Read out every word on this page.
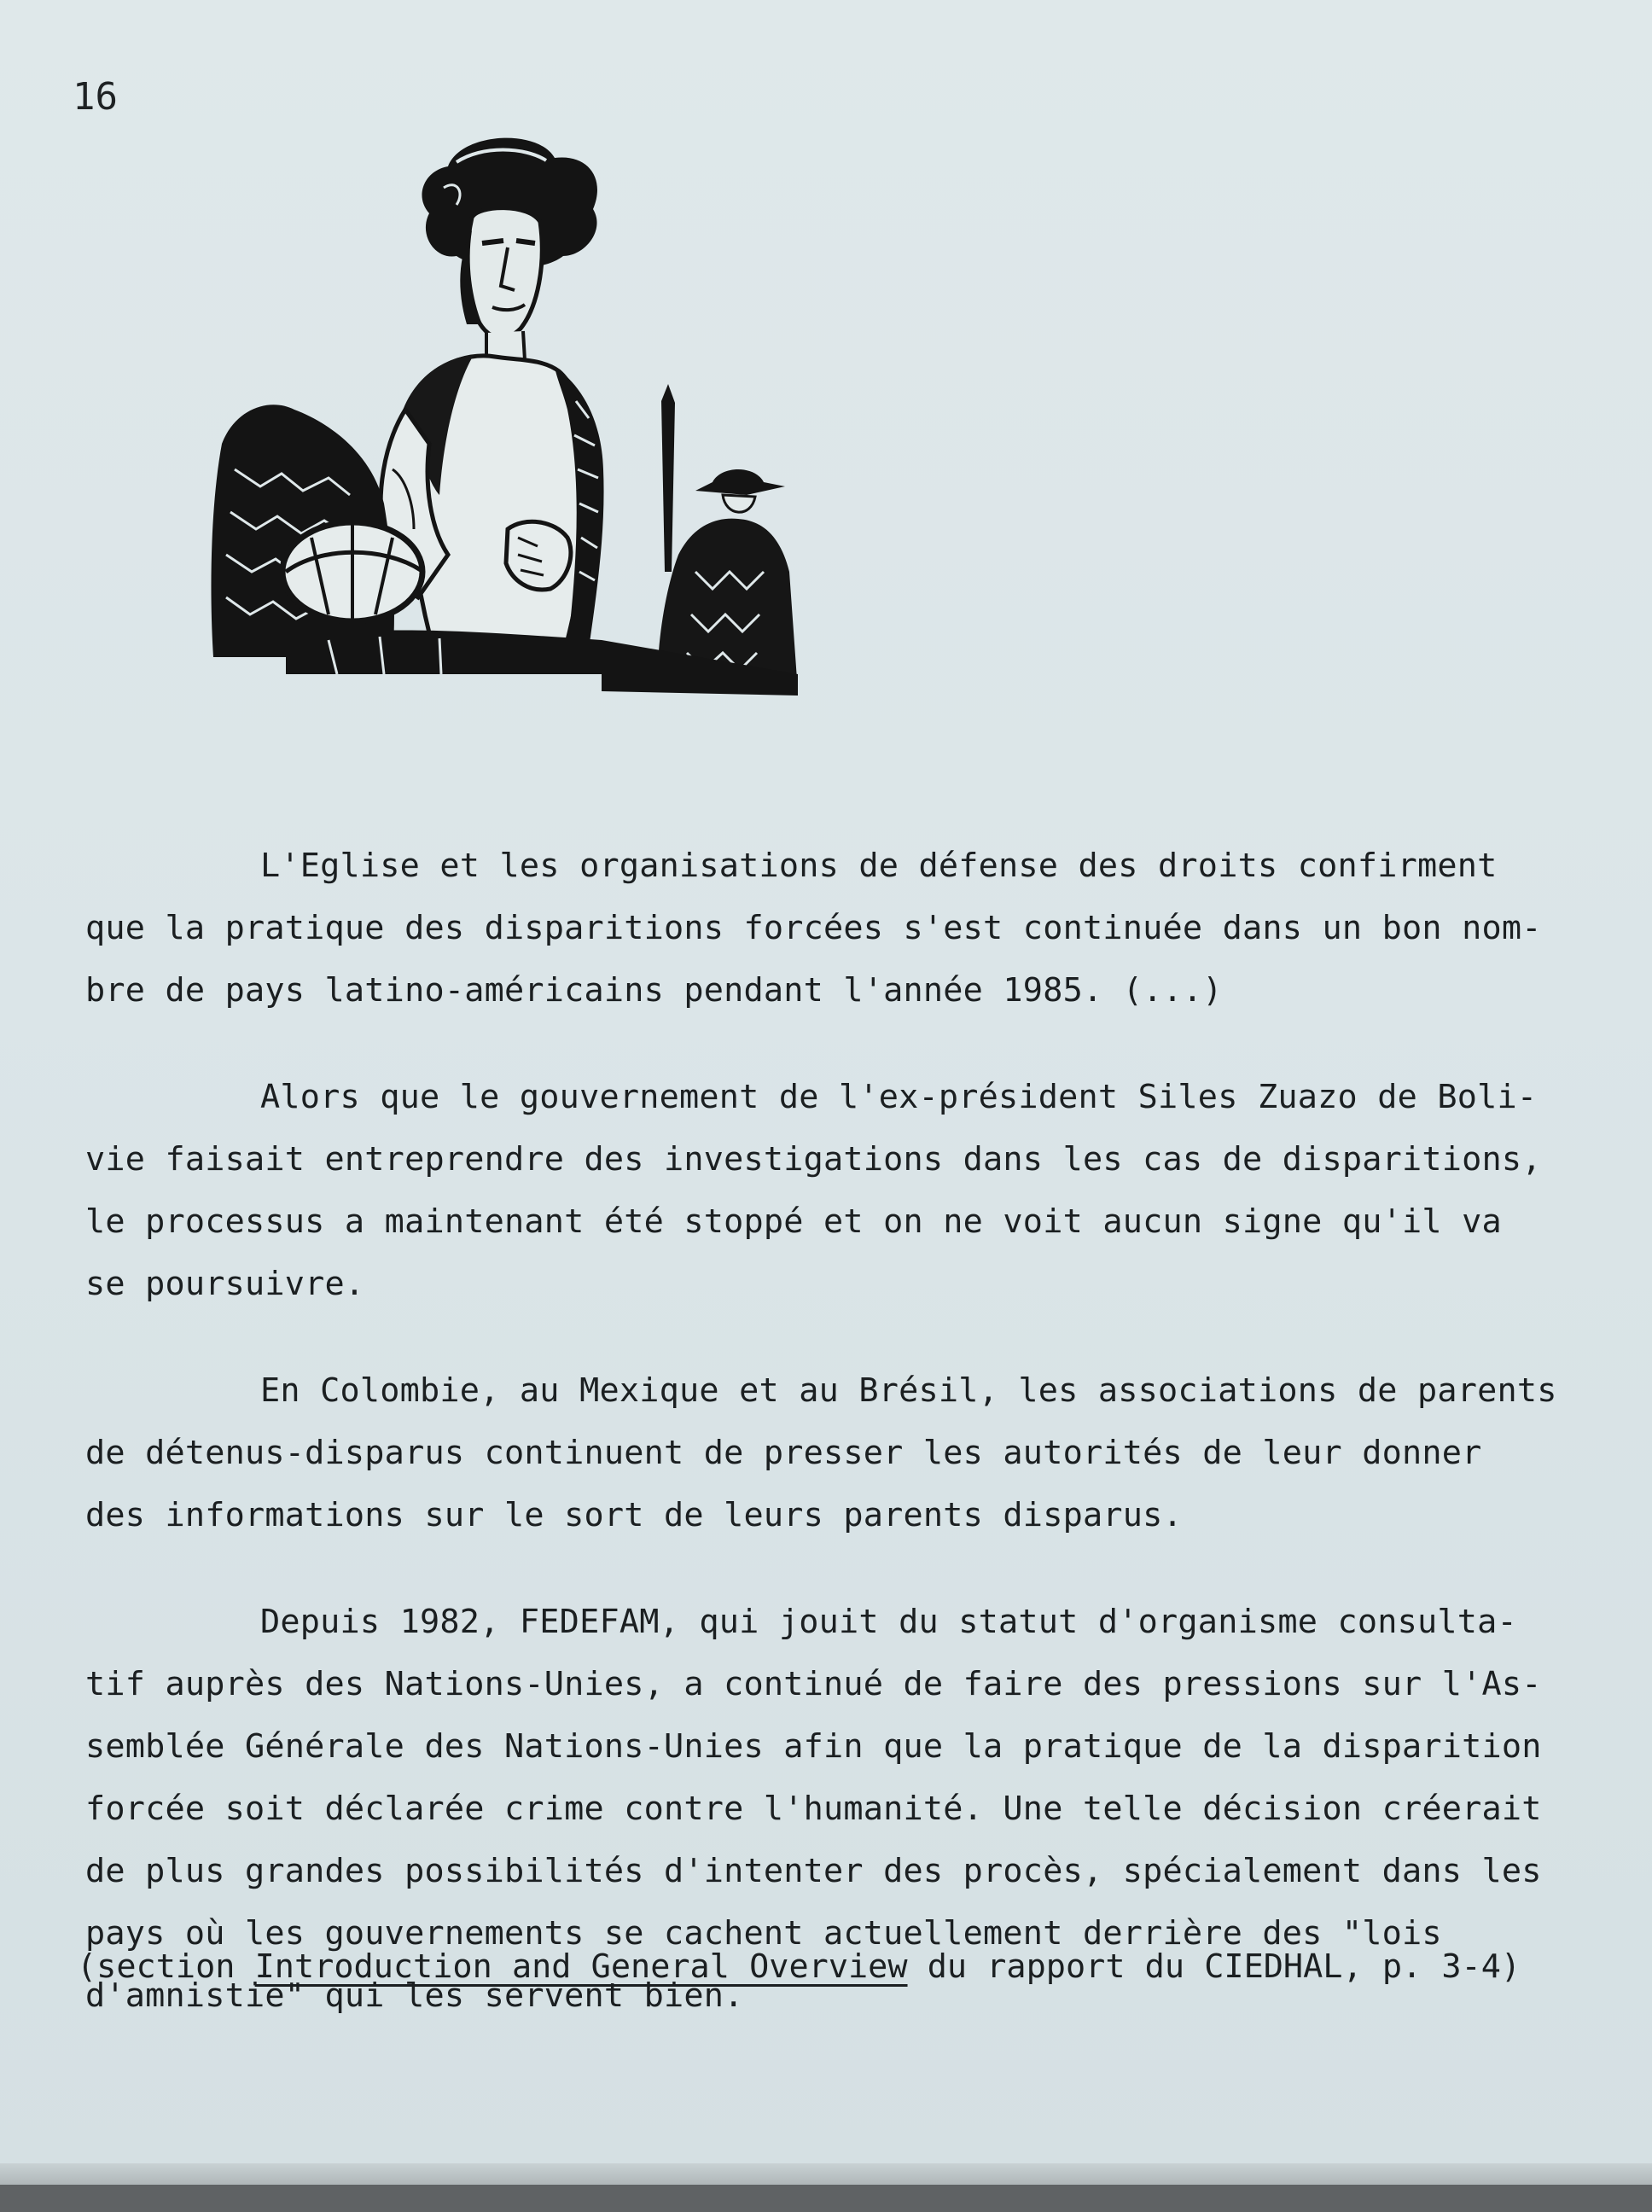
16

L'Eglise et les organisations de défense des droits confirment
que la pratique des disparitions forcées s'est continuée dans un bon nom-
bre de pays latino-américains pendant l'année 1985. (...)
Alors que le gouvernement de l'ex-président Siles Zuazo de Boli-
vie faisait entreprendre des investigations dans les cas de disparitions,
le processus a maintenant été stoppé et on ne voit aucun signe qu'il va
se poursuivre.
En Colombie, au Mexique et au Brésil, les associations de parents
de détenus-disparus continuent de presser les autorités de leur donner
des informations sur le sort de leurs parents disparus.
Depuis 1982, FEDEFAM, qui jouit du statut d'organisme consulta-
tif auprès des Nations-Unies, a continué de faire des pressions sur l'As-
semblée Générale des Nations-Unies afin que la pratique de la disparition
forcée soit déclarée crime contre l'humanité. Une telle décision créerait
de plus grandes possibilités d'intenter des procès, spécialement dans les
pays où les gouvernements se cachent actuellement derrière des "lois
d'amnistie" qui les servent bien.

(section Introduction and General Overview du rapport du CIEDHAL, p. 3-4)
